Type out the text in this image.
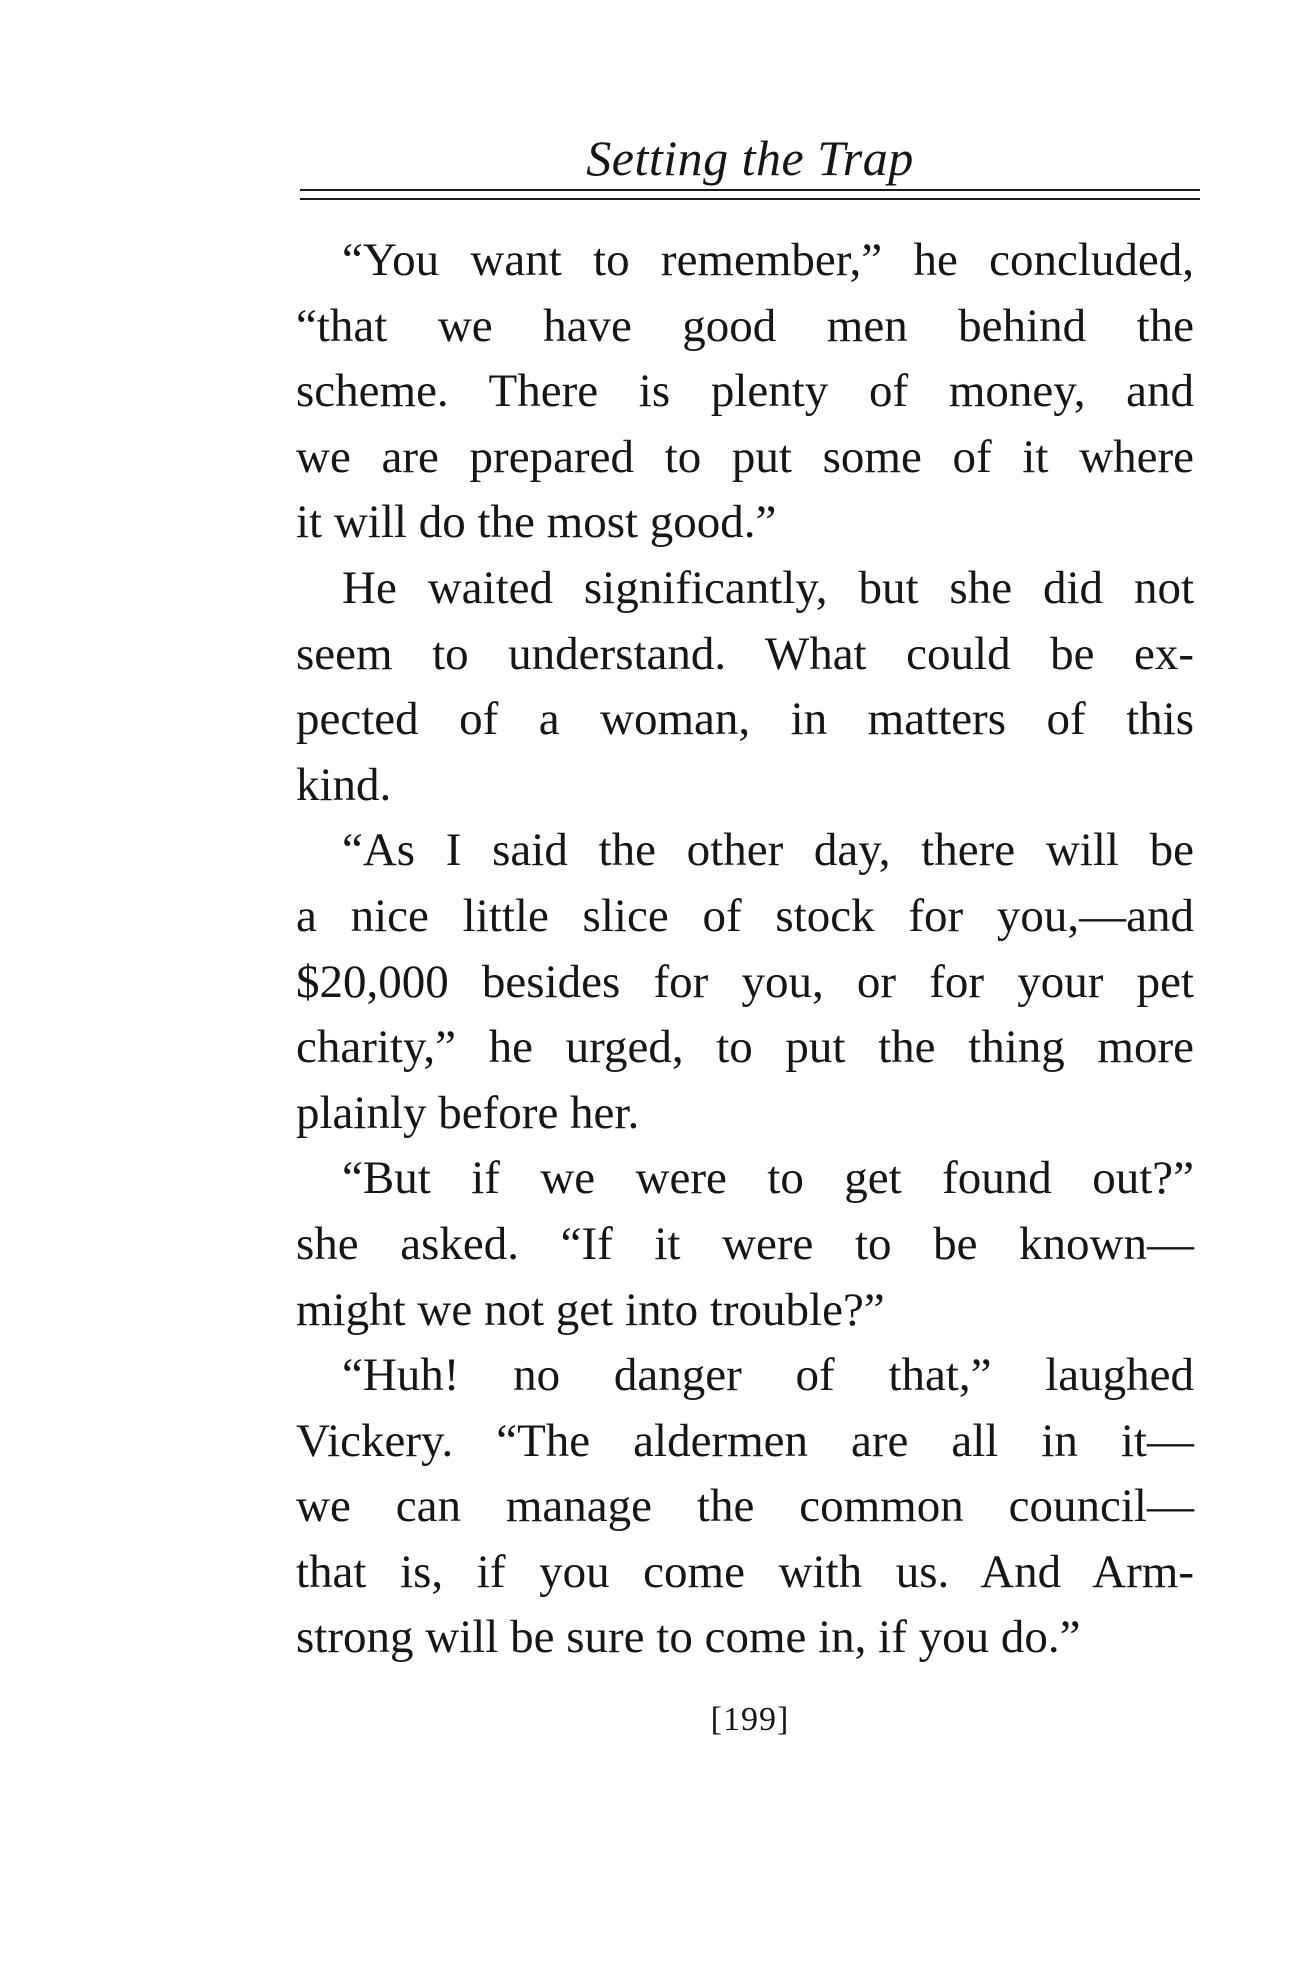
Setting the Trap

“You want to remember,” he concluded,
“that we have good men behind the
scheme. There is plenty of money, and
we are prepared to put some of it where
it will do the most good.”

He waited significantly, but she did not
seem to understand. What could be ex-
pected of a woman, in matters of this
kind.

“As I said the other day, there will be
a nice little slice of stock for you,—and
$20,000 besides for you, or for your pet
charity,” he urged, to put the thing more
plainly before her.

“But if we were to get found out?”
she asked. “If it were to be known—
might we not get into trouble?”

“Huh! no danger of that,” laughed
Vickery. “The aldermen are all in it—
we can manage the common council—
that is, if you come with us. And Arm-
strong will be sure to come in, if you do.”

[199]
